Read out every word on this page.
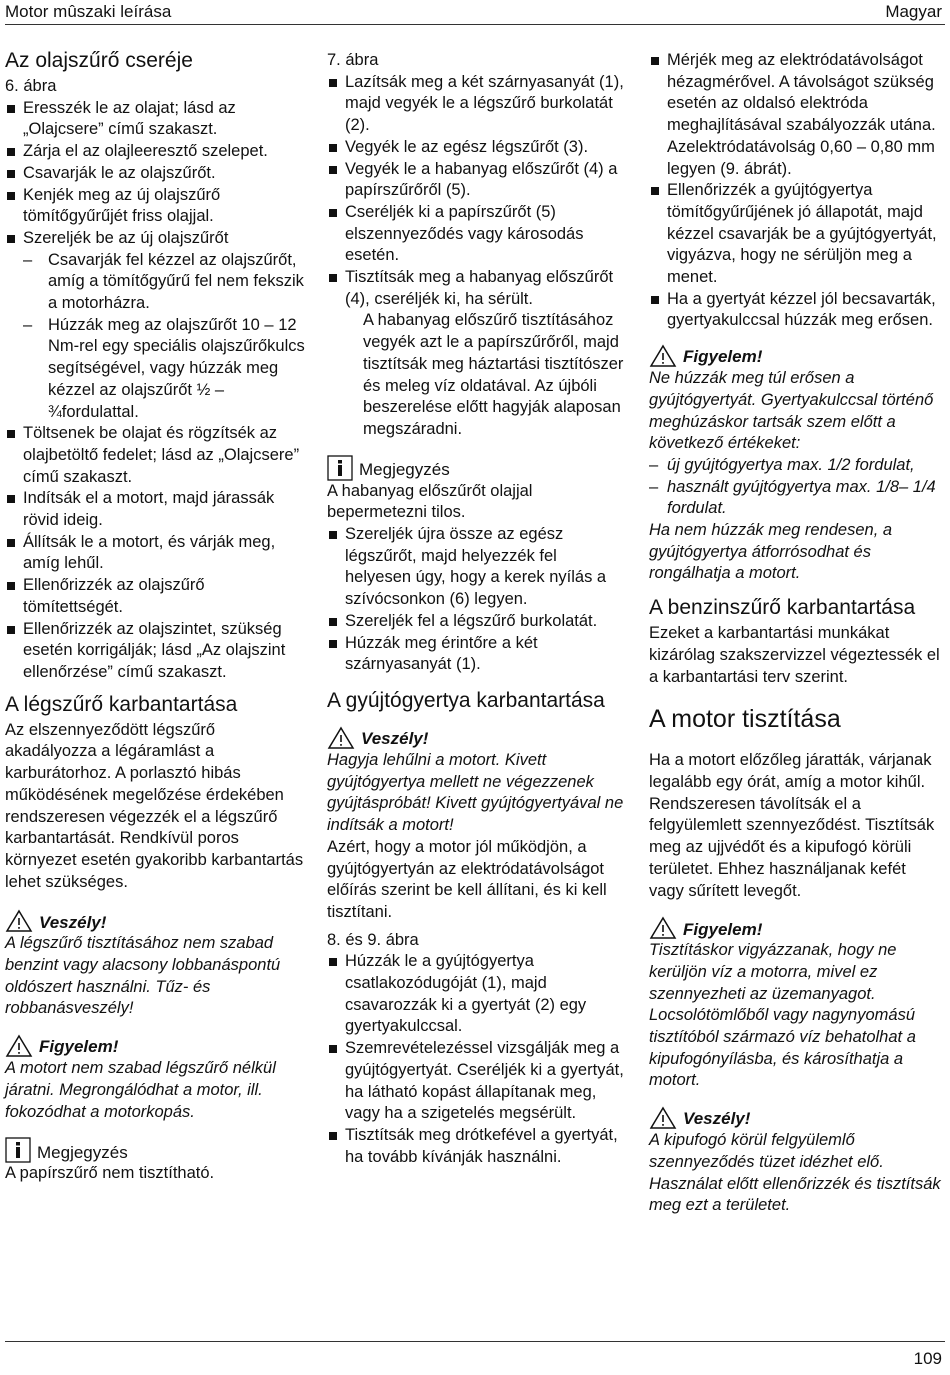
Motor mûszaki leírása	Magyar
Az olajszűrő cseréje
6. ábra
Eresszék le az olajat; lásd az „Olajcsere” című szakaszt.
Zárja el az olajleeresztő szelepet.
Csavarják le az olajszűrőt.
Kenjék meg az új olajszűrő tömítőgyűrűjét friss olajjal.
Szereljék be az új olajszűrőt
– Csavarják fel kézzel az olajszűrőt, amíg a tömítőgyűrű fel nem fekszik a motorházra.
– Húzzák meg az olajszűrőt 10 – 12 Nm-rel egy speciális olajszűrőkulcs segítségével, vagy húzzák meg kézzel az olajszűrőt ½ – ¾fordulattal.
Töltsenek be olajat és rögzítsék az olajbetöltő fedelet; lásd az „Olajcsere” című szakaszt.
Indítsák el a motort, majd járassák rövid ideig.
Állítsák le a motort, és várják meg, amíg lehűl.
Ellenőrizzék az olajszűrő tömítettségét.
Ellenőrizzék az olajszintet, szükség esetén korrigálják; lásd „Az olajszint ellenőrzése” című szakaszt.
A légszűrő karbantartása

Az elszennyeződött légszűrő akadályozza a légáramlást a karburátorhoz. A porlasztó hibás működésének megelőzése érdekében rendszeresen végezzék el a légszűrő karbantartását. Rendkívül poros környezet esetén gyakoribb karbantartás lehet szükséges.

Veszély!

A légszűrő tisztításához nem szabad benzint vagy alacsony lobbanáspontú oldószert használni. Tűz- és robbanásveszély!

Figyelem!

A motort nem szabad légszűrő nélkül járatni. Megrongálódhat a motor, ill. fokozódhat a motorkopás.

Megjegyzés

A papírszűrő nem tisztítható.

7. ábra
Lazítsák meg a két szárnyasanyát (1), majd vegyék le a légszűrő burkolatát (2).
Vegyék le az egész légszűrőt (3).
Vegyék le a habanyag előszűrőt (4) a papírszűrőről (5).
Cseréljék ki a papírszűrőt (5) elszennyeződés vagy károsodás esetén.
Tisztítsák meg a habanyag előszűrőt (4), cseréljék ki, ha sérült.
A habanyag előszűrő tisztításához vegyék azt le a papírszűrőről, majd tisztítsák meg háztartási tisztítószer és meleg víz oldatával. Az újbóli beszerelése előtt hagyják alaposan megszáradni.
Megjegyzés

A habanyag előszűrőt olajjal bepermetezni tilos.

Szereljék újra össze az egész légszűrőt, majd helyezzék fel helyesen úgy, hogy a kerek nyílás a szívócsonkon (6) legyen.
Szereljék fel a légszűrő burkolatát.
Húzzák meg érintőre a két szárnyasanyát (1).
A gyújtógyertya karbantartása
Veszély!

Hagyja lehűlni a motort. Kivett gyújtógyertya mellett ne végezzenek gyújtáspróbát! Kivett gyújtógyertyával ne indítsák a motort!

Azért, hogy a motor jól működjön, a gyújtógyertyán az elektródatávolságot előírás szerint be kell állítani, és ki kell tisztítani.

8. és 9. ábra
Húzzák le a gyújtógyertya csatlakozódugóját (1), majd csavarozzák ki a gyertyát (2) egy gyertyakulccsal.
Szemrevételezéssel vizsgálják meg a gyújtógyertyát. Cseréljék ki a gyertyát, ha látható kopást állapítanak meg, vagy ha a szigetelés megsérült.
Tisztítsák meg drótkefével a gyertyát, ha tovább kívánják használni.
Mérjék meg az elektródatávolságot hézagmérővel. A távolságot szükség esetén az oldalsó elektróda meghajlításával szabályozzák utána. Azelektródatávolság 0,60 – 0,80 mm legyen (9. ábrát).
Ellenőrizzék a gyújtógyertya tömítőgyűrűjének jó állapotát, majd kézzel csavarják be a gyújtógyertyát, vigyázva, hogy ne sérüljön meg a menet.
Ha a gyertyát kézzel jól becsavarták, gyertyakulccsal húzzák meg erősen.
Figyelem!

Ne húzzák meg túl erősen a gyújtógyertyát. Gyertyakulccsal történő meghúzáskor tartsák szem előtt a következő értékeket:

– új gyújtógyertya max. 1/2 fordulat,
– használt gyújtógyertya max. 1/8– 1/4 fordulat.

Ha nem húzzák meg rendesen, a gyújtógyertya átforrósodhat és rongálhatja a motort.

A benzinszűrő karbantartása

Ezeket a karbantartási munkákat kizárólag szakszervizzel végeztessék el a karbantartási terv szerint.

A motor tisztítása

Ha a motort előzőleg járatták, várjanak legalább egy órát, amíg a motor kihűl. Rendszeresen távolítsák el a felgyülemlett szennyeződést. Tisztítsák meg az ujjvédőt és a kipufogó körüli területet. Ehhez használjanak kefét vagy sűrített levegőt.

Figyelem!

Tisztításkor vigyázzanak, hogy ne kerüljön víz a motorra, mivel ez szennyezheti az üzemanyagot. Locsolótömlőből vagy nagynyomású tisztítóból származó víz behatolhat a kipufogónyílásba, és károsíthatja a motort.

Veszély!

A kipufogó körül felgyülemlő szennyeződés tüzet idézhet elő. Használat előtt ellenőrizzék és tisztítsák meg ezt a területet.

109
